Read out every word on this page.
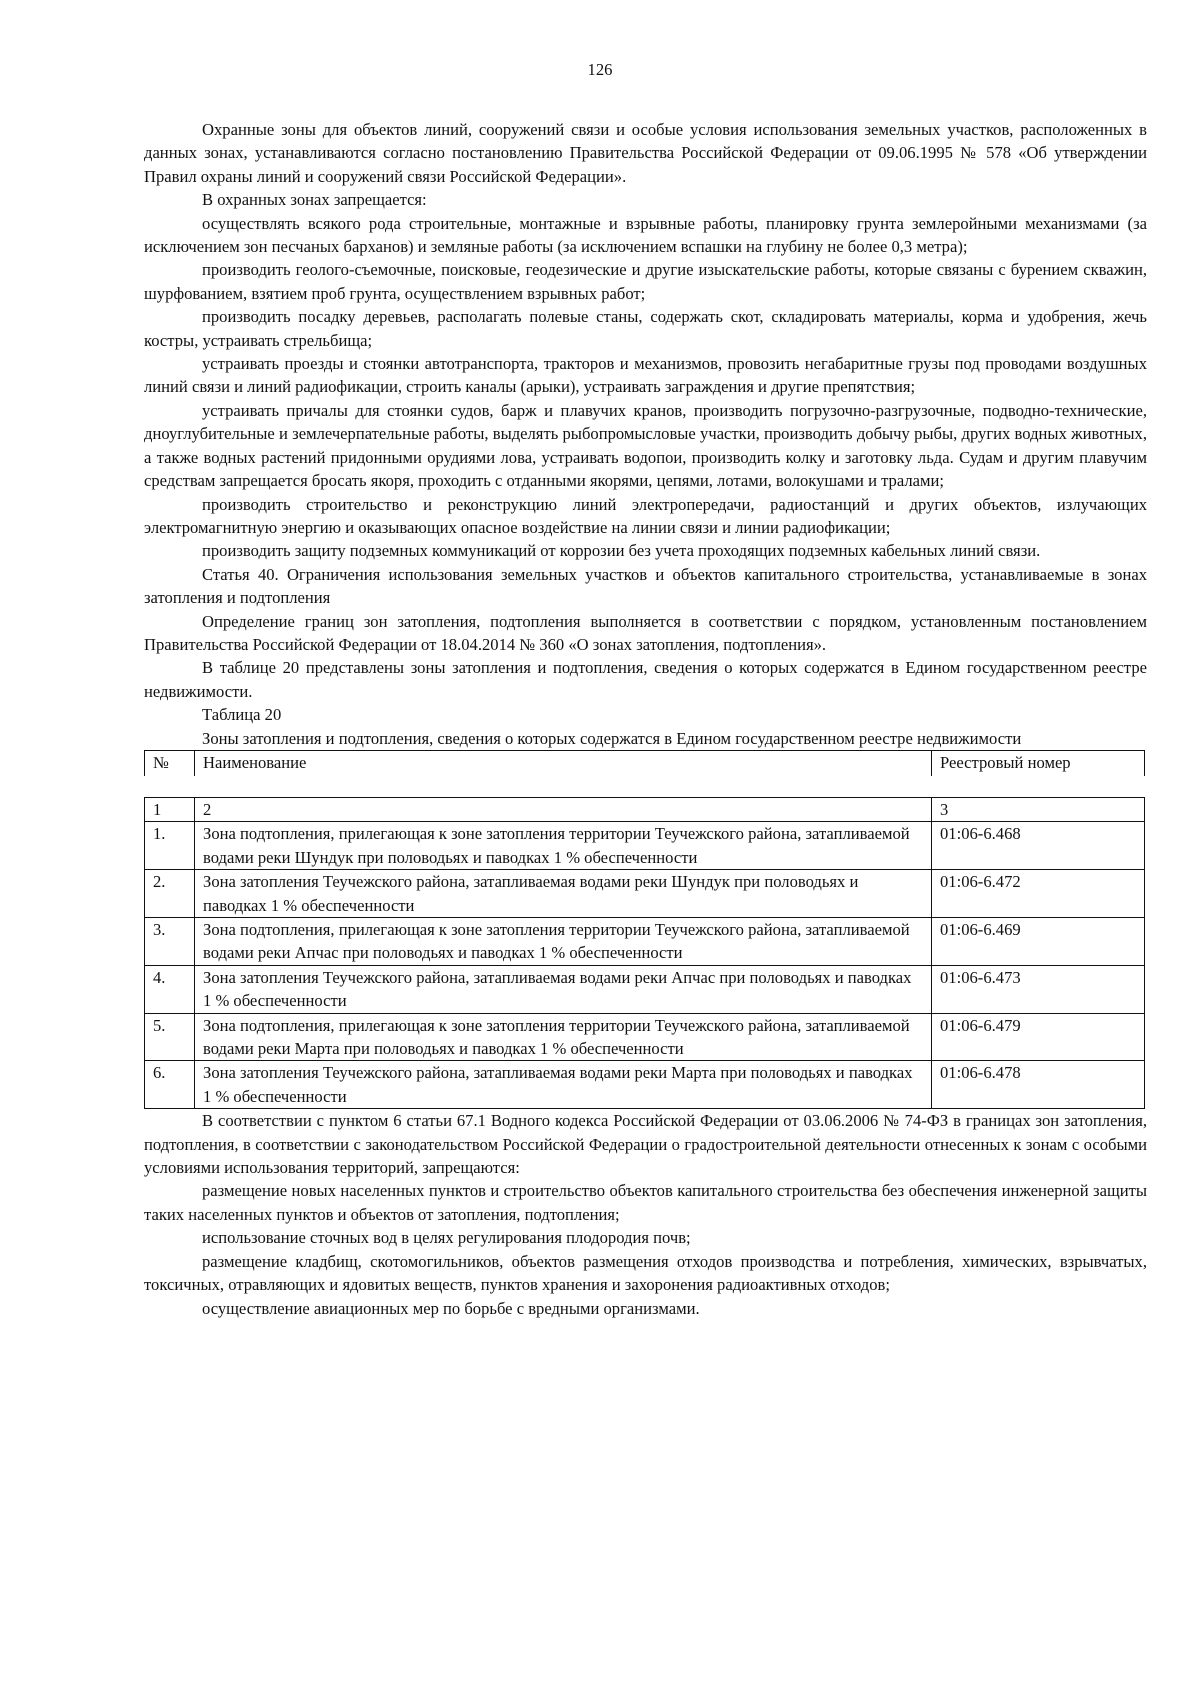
126

Охранные зоны для объектов линий, сооружений связи и особые условия использования земельных участков, расположенных в данных зонах, устанавливаются согласно постановлению Правительства Российской Федерации от 09.06.1995 № 578 «Об утверждении Правил охраны линий и сооружений связи Российской Федерации».

В охранных зонах запрещается:

осуществлять всякого рода строительные, монтажные и взрывные работы, планировку грунта землеройными механизмами (за исключением зон песчаных барханов) и земляные работы (за исключением вспашки на глубину не более 0,3 метра);

производить геолого-съемочные, поисковые, геодезические и другие изыскательские работы, которые связаны с бурением скважин, шурфованием, взятием проб грунта, осуществлением взрывных работ;

производить посадку деревьев, располагать полевые станы, содержать скот, складировать материалы, корма и удобрения, жечь костры, устраивать стрельбища;

устраивать проезды и стоянки автотранспорта, тракторов и механизмов, провозить негабаритные грузы под проводами воздушных линий связи и линий радиофикации, строить каналы (арыки), устраивать заграждения и другие препятствия;

устраивать причалы для стоянки судов, барж и плавучих кранов, производить погрузочно-разгрузочные, подводно-технические, дноуглубительные и землечерпательные работы, выделять рыбопромысловые участки, производить добычу рыбы, других водных животных, а также водных растений придонными орудиями лова, устраивать водопои, производить колку и заготовку льда. Судам и другим плавучим средствам запрещается бросать якоря, проходить с отданными якорями, цепями, лотами, волокушами и тралами;

производить строительство и реконструкцию линий электропередачи, радиостанций и других объектов, излучающих электромагнитную энергию и оказывающих опасное воздействие на линии связи и линии радиофикации;

производить защиту подземных коммуникаций от коррозии без учета проходящих подземных кабельных линий связи.

Статья 40. Ограничения использования земельных участков и объектов капитального строительства, устанавливаемые в зонах затопления и подтопления

Определение границ зон затопления, подтопления выполняется в соответствии с порядком, установленным постановлением Правительства Российской Федерации от 18.04.2014 № 360 «О зонах затопления, подтопления».

В таблице 20 представлены зоны затопления и подтопления, сведения о которых содержатся в Едином государственном реестре недвижимости.

Таблица 20

Зоны затопления и подтопления, сведения о которых содержатся в Едином государственном реестре недвижимости

№	Наименование	Реестровый номер
1	2	3
1.	Зона подтопления, прилегающая к зоне затопления территории Теучежского района, затапливаемой водами реки Шундук при половодьях и паводках 1 % обеспеченности	01:06-6.468
2.	Зона затопления Теучежского района, затапливаемая водами реки Шундук при половодьях и паводках 1 % обеспеченности	01:06-6.472
3.	Зона подтопления, прилегающая к зоне затопления территории Теучежского района, затапливаемой водами реки Апчас при половодьях и паводках 1 % обеспеченности	01:06-6.469
4.	Зона затопления Теучежского района, затапливаемая водами реки Апчас при половодьях и паводках 1 % обеспеченности	01:06-6.473
5.	Зона подтопления, прилегающая к зоне затопления территории Теучежского района, затапливаемой водами реки Марта при половодьях и паводках 1 % обеспеченности	01:06-6.479
6.	Зона затопления Теучежского района, затапливаемая водами реки Марта при половодьях и паводках 1 % обеспеченности	01:06-6.478

В соответствии с пунктом 6 статьи 67.1 Водного кодекса Российской Федерации от 03.06.2006 № 74-ФЗ в границах зон затопления, подтопления, в соответствии с законодательством Российской Федерации о градостроительной деятельности отнесенных к зонам с особыми условиями использования территорий, запрещаются:

размещение новых населенных пунктов и строительство объектов капитального строительства без обеспечения инженерной защиты таких населенных пунктов и объектов от затопления, подтопления;

использование сточных вод в целях регулирования плодородия почв;

размещение кладбищ, скотомогильников, объектов размещения отходов производства и потребления, химических, взрывчатых, токсичных, отравляющих и ядовитых веществ, пунктов хранения и захоронения радиоактивных отходов;

осуществление авиационных мер по борьбе с вредными организмами.
